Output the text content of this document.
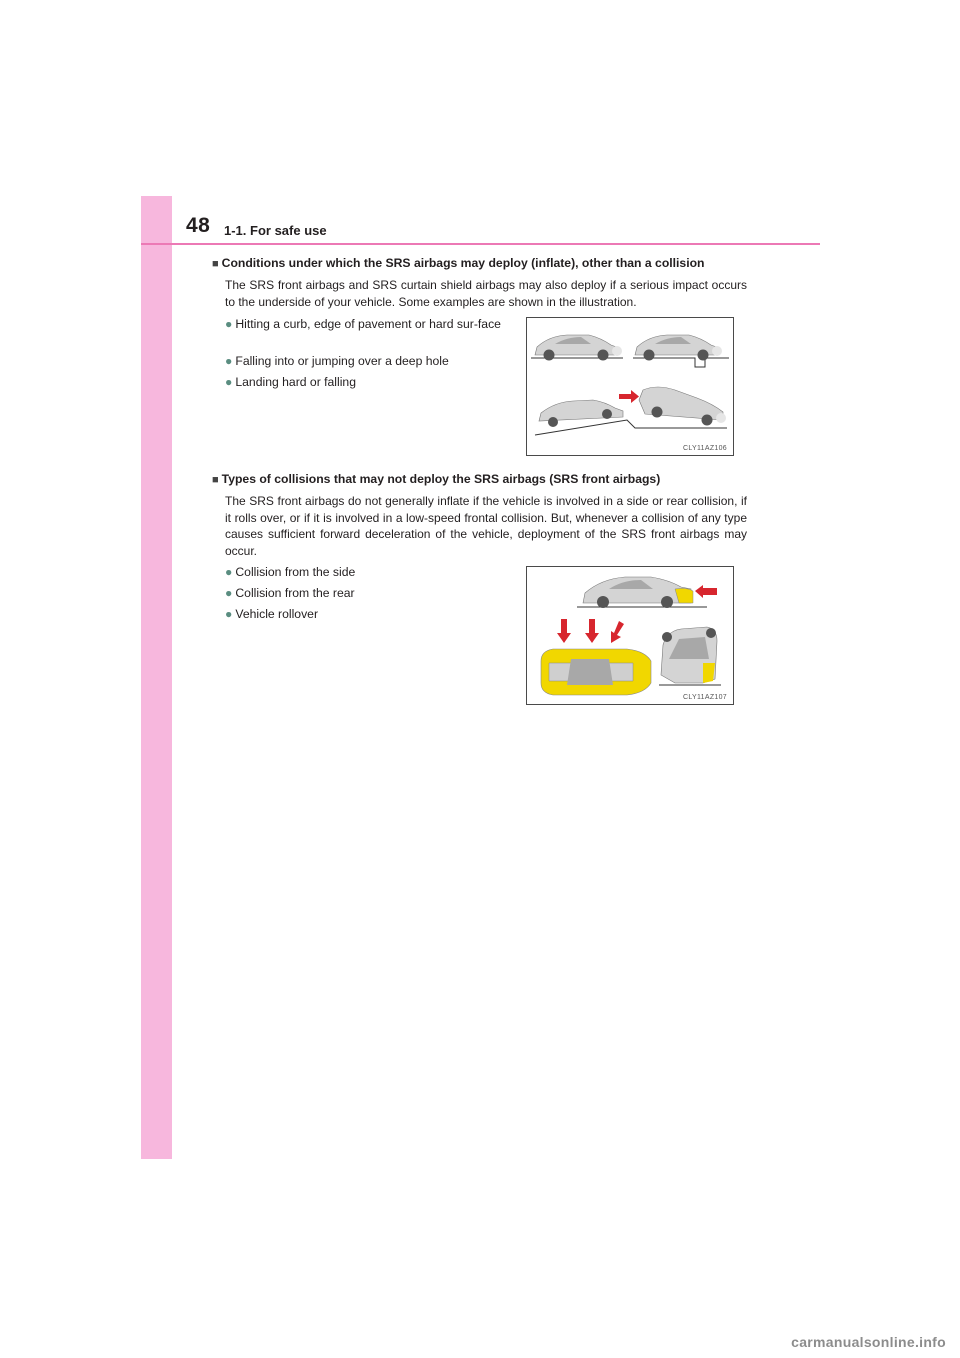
48 1-1. For safe use
■ Conditions under which the SRS airbags may deploy (inflate), other than a collision

The SRS front airbags and SRS curtain shield airbags may also deploy if a serious impact occurs to the underside of your vehicle. Some examples are shown in the illustration.

● Hitting a curb, edge of pavement or hard sur-face
● Falling into or jumping over a deep hole
● Landing hard or falling
CLY11AZ106
■ Types of collisions that may not deploy the SRS airbags (SRS front airbags)

The SRS front airbags do not generally inflate if the vehicle is involved in a side or rear collision, if it rolls over, or if it is involved in a low-speed frontal collision. But, whenever a collision of any type causes sufficient forward deceleration of the vehicle, deployment of the SRS front airbags may occur.

● Collision from the side
● Collision from the rear
● Vehicle rollover
CLY11AZ107
carmanualsonline.info
